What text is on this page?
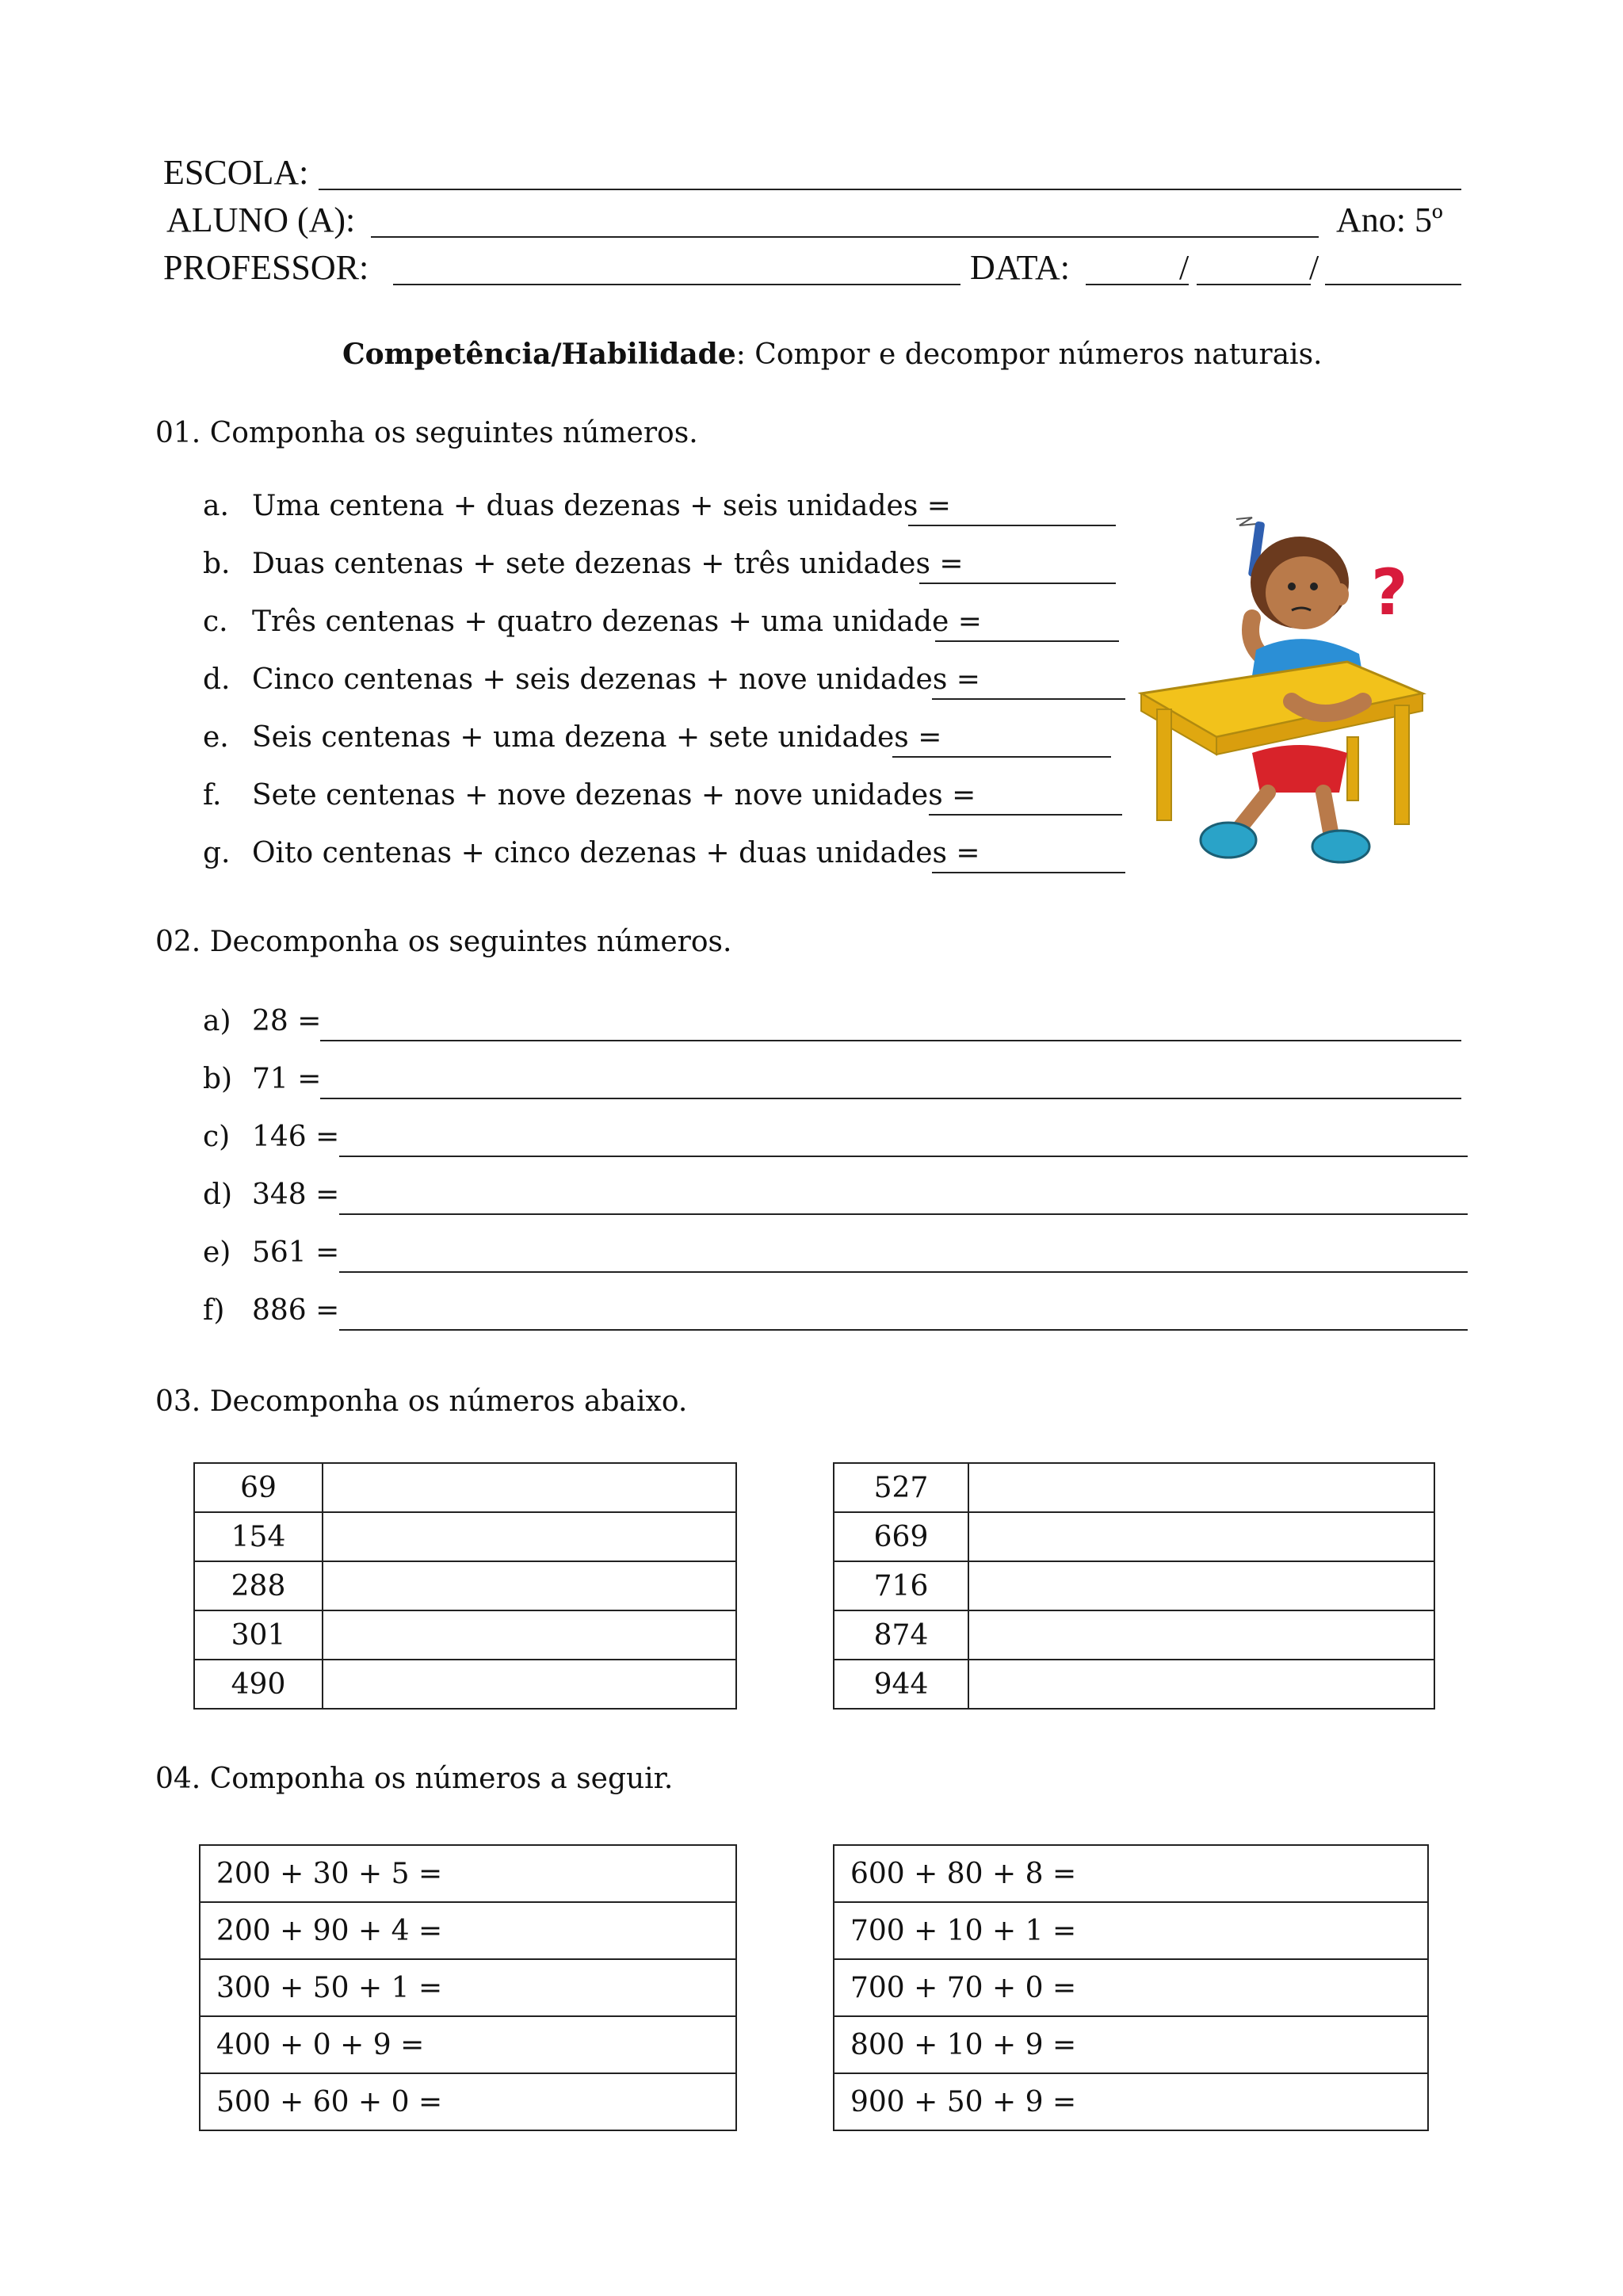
ESCOLA:
ALUNO (A):	Ano: 5º
PROFESSOR:	DATA:	/	/
Competência/Habilidade: Compor e decompor números naturais.
01. Componha os seguintes números.
a. Uma centena + duas dezenas + seis unidades =
b. Duas centenas + sete dezenas + três unidades =
c. Três centenas + quatro dezenas + uma unidade =
d. Cinco centenas + seis dezenas + nove unidades =
e. Seis centenas + uma dezena + sete unidades =
f. Sete centenas + nove dezenas + nove unidades =
g. Oito centenas + cinco dezenas + duas unidades =
?
02. Decomponha os seguintes números.
a) 28 =
b) 71 =
c) 146 =
d) 348 =
e) 561 =
f) 886 =
03. Decomponha os números abaixo.
69	
154	
288	
301	
490	
527	
669	
716	
874	
944	
04. Componha os números a seguir.
200 + 30 + 5 =
200 + 90 + 4 =
300 + 50 + 1 =
400 + 0 + 9 =
500 + 60 + 0 =
600 + 80 + 8 =
700 + 10 + 1 =
700 + 70 + 0 =
800 + 10 + 9 =
900 + 50 + 9 =
